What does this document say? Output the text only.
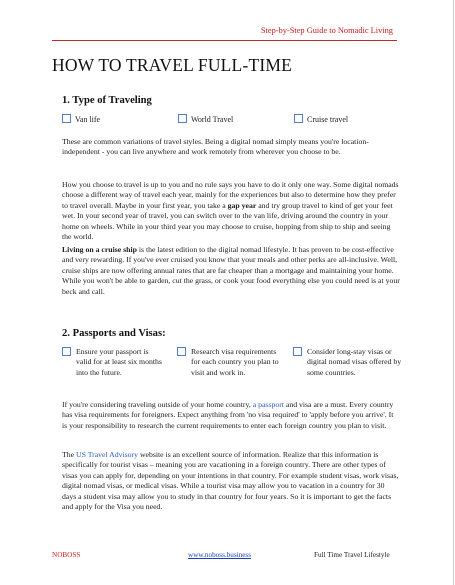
Step-by-Step Guide to Nomadic Living
HOW TO TRAVEL FULL-TIME
1. Type of Traveling
Van life	World Travel	Cruise travel

These are common variations of travel styles. Being a digital nomad simply means you're location-independent - you can live anywhere and work remotely from wherever you choose to be.

How you choose to travel is up to you and no rule says you have to do it only one way. Some digital nomads choose a different way of travel each year, mainly for the experiences but also to determine how they prefer to travel overall. Maybe in your first year, you take a gap year and try group travel to kind of get your feet wet. In your second year of travel, you can switch over to the van life, driving around the country in your home on wheels. While in your third year you may choose to cruise, hopping from ship to ship and seeing the world.

Living on a cruise ship is the latest edition to the digital nomad lifestyle. It has proven to be cost-effective and very rewarding. If you've ever cruised you know that your meals and other perks are all-inclusive. Well, cruise ships are now offering annual rates that are far cheaper than a mortgage and maintaining your home. While you won't be able to garden, cut the grass, or cook your food everything else you could need is at your beck and call.

2. Passports and Visas:
Ensure your passport is valid for at least six months into the future.
Research visa requirements for each country you plan to visit and work in.
Consider long-stay visas or digital nomad visas offered by some countries.

If you're considering traveling outside of your home country, a passport and visa are a must. Every country has visa requirements for foreigners. Expect anything from 'no visa required' to 'apply before you arrive'. It is your responsibility to research the current requirements to enter each foreign country you plan to visit.

The US Travel Advisory website is an excellent source of information. Realize that this information is specifically for tourist visas – meaning you are vacationing in a foreign country. There are other types of visas you can apply for, depending on your intentions in that country. For example student visas, work visas, digital nomad visas, or medical visas. While a tourist visa may allow you to vacation in a country for 30 days a student visa may allow you to study in that country for four years. So it is important to get the facts and apply for the Visa you need.

NOBOSS	www.noboss.business	Full Time Travel Lifestyle
